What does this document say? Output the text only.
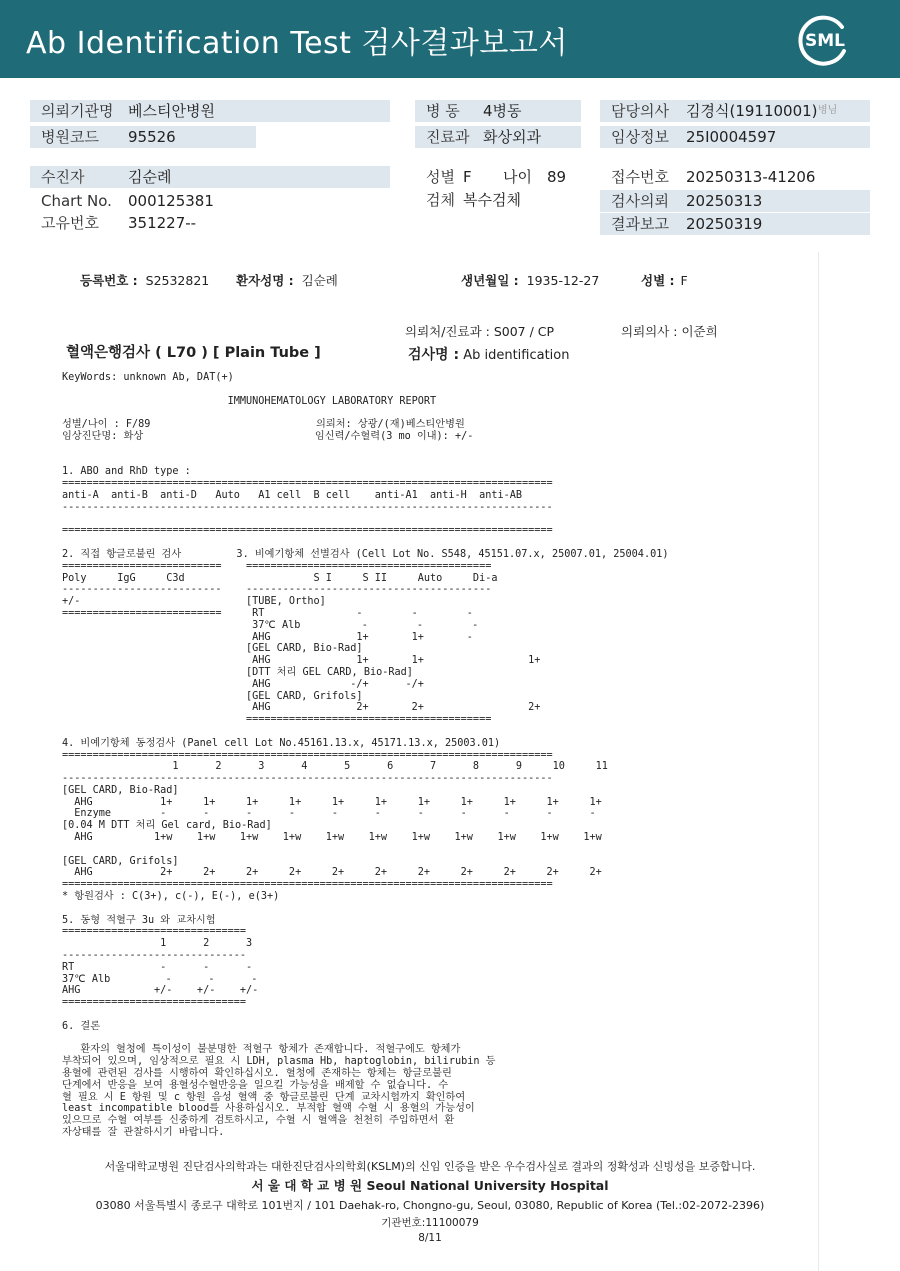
Ab Identification Test 검사결과보고서	SML
의뢰기관명 베스티안병원	병 동 4병동	담당의사 김경식(19110001) 병님
병원코드 95526	진료과 화상외과	임상정보 25I0004597
수진자	김순례	성별 F 나이 89	접수번호 20250313-41206
Chart No. 000125381	검체 복수검체	검사의뢰 20250313
고유번호 351227--	결과보고 20250319
등록번호 : S2532821 환자성명 : 김순례	생년월일 : 1935-12-27	성별 : F
의뢰처/진료과 : S007 / CP	의뢰의사 : 이준희
혈액은행검사 ( L70 ) [ Plain Tube ]	검사명 : Ab identification
KeyWords: unknown Ab, DAT(+)

IMMUNOHEMATOLOGY LABORATORY REPORT

성별/나이 : F/89                           의뢰처: 상광/(재)베스티안병원
임상진단명: 화상                            임신력/수혈력(3 mo 이내): +/-

1. ABO and RhD type :
================================================================================
anti-A  anti-B  anti-D   Auto   A1 cell  B cell    anti-A1  anti-H  anti-AB
--------------------------------------------------------------------------------

================================================================================

2. 직접 항글로불린 검사         3. 비예기항체 선별검사 (Cell Lot No. S548, 45151.07.x, 25007.01, 25004.01)
==========================    ========================================
Poly     IgG     C3d                     S I     S II     Auto     Di-a
--------------------------    ----------------------------------------
+/-                           [TUBE, Ortho]
==========================     RT               -        -        -
37℃ Alb          -        -        -
AHG              1+       1+       -
[GEL CARD, Bio-Rad]
AHG              1+       1+                 1+
[DTT 처리 GEL CARD, Bio-Rad]
AHG             -/+      -/+
[GEL CARD, Grifols]
AHG              2+       2+                 2+
========================================

4. 비예기항체 동정검사 (Panel cell Lot No.45161.13.x, 45171.13.x, 25003.01)
================================================================================
1      2      3      4      5      6      7      8      9     10     11
--------------------------------------------------------------------------------
[GEL CARD, Bio-Rad]
AHG           1+     1+     1+     1+     1+     1+     1+     1+     1+     1+     1+
Enzyme        -      -      -      -      -      -      -      -      -      -      -
[0.04 M DTT 처리 Gel card, Bio-Rad]
AHG          1+w    1+w    1+w    1+w    1+w    1+w    1+w    1+w    1+w    1+w    1+w

[GEL CARD, Grifols]
AHG           2+     2+     2+     2+     2+     2+     2+     2+     2+     2+     2+
================================================================================
* 항원검사 : C(3+), c(-), E(-), e(3+)

5. 동형 적혈구 3u 와 교차시험
==============================
1      2      3
------------------------------
RT              -      -      -
37℃ Alb         -      -      -
AHG            +/-    +/-    +/-
==============================

6. 결론

환자의 혈청에 특이성이 불분명한 적혈구 항체가 존재합니다. 적혈구에도 항체가
부착되어 있으며, 임상적으로 필요 시 LDH, plasma Hb, haptoglobin, bilirubin 등
용혈에 관련된 검사를 시행하여 확인하십시오. 혈청에 존재하는 항체는 항글로불린
단계에서 반응을 보여 용혈성수혈반응을 일으킬 가능성을 배제할 수 없습니다. 수
혈 필요 시 E 항원 및 c 항원 음성 혈액 중 항글로불린 단계 교차시험까지 확인하여
least incompatible blood를 사용하십시오. 부적합 혈액 수혈 시 용혈의 가능성이
있으므로 수혈 여부를 신중하게 검토하시고, 수혈 시 혈액을 천천히 주입하면서 환
자상태를 잘 관찰하시기 바랍니다.
서울대학교병원 진단검사의학과는 대한진단검사의학회(KSLM)의 신임 인증을 받은 우수검사실로 결과의 정확성과 신빙성을 보증합니다.
서 울 대 학 교 병 원 Seoul National University Hospital
03080 서울특별시 종로구 대학로 101번지 / 101 Daehak-ro, Chongno-gu, Seoul, 03080, Republic of Korea (Tel.:02-2072-2396)
기관번호:11100079
8/11
